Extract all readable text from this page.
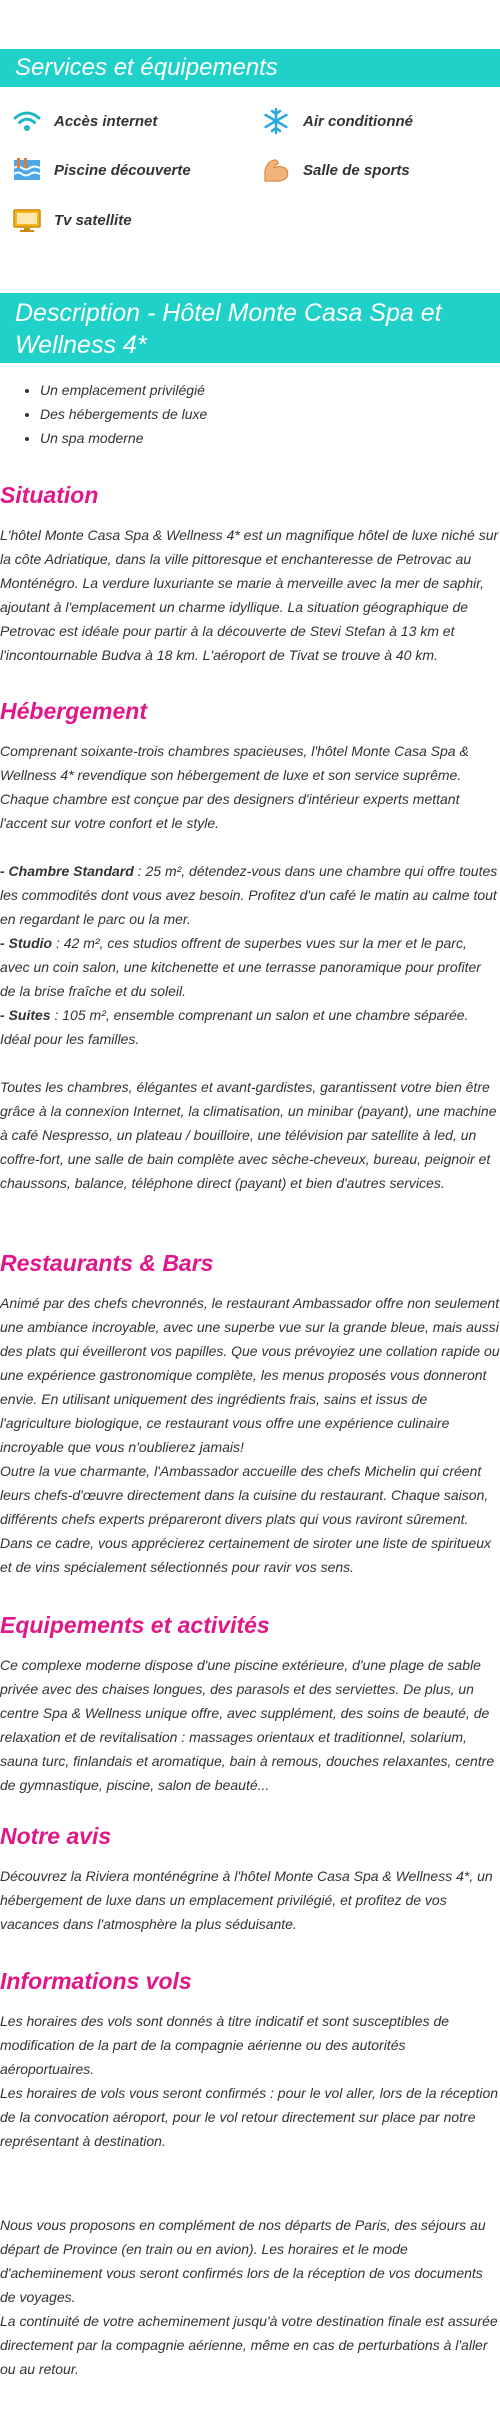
Services et équipements
Accès internet	Air conditionné
Piscine découverte	Salle de sports
Tv satellite
Description - Hôtel Monte Casa Spa et Wellness 4*
• Un emplacement privilégié
• Des hébergements de luxe
• Un spa moderne
Situation

L'hôtel Monte Casa Spa & Wellness 4* est un magnifique hôtel de luxe niché sur la côte Adriatique, dans la ville pittoresque et enchanteresse de Petrovac au Monténégro. La verdure luxuriante se marie à merveille avec la mer de saphir, ajoutant à l'emplacement un charme idyllique. La situation géographique de Petrovac est idéale pour partir à la découverte de Stevi Stefan à 13 km et l'incontournable Budva à 18 km. L'aéroport de Tivat se trouve à 40 km.

Hébergement

Comprenant soixante-trois chambres spacieuses, l'hôtel Monte Casa Spa & Wellness 4* revendique son hébergement de luxe et son service suprême. Chaque chambre est conçue par des designers d'intérieur experts mettant l'accent sur votre confort et le style.

- Chambre Standard : 25 m², détendez-vous dans une chambre qui offre toutes les commodités dont vous avez besoin. Profitez d'un café le matin au calme tout en regardant le parc ou la mer.
- Studio : 42 m², ces studios offrent de superbes vues sur la mer et le parc, avec un coin salon, une kitchenette et une terrasse panoramique pour profiter de la brise fraîche et du soleil.
- Suites : 105 m², ensemble comprenant un salon et une chambre séparée. Idéal pour les familles.

Toutes les chambres, élégantes et avant-gardistes, garantissent votre bien être grâce à la connexion Internet, la climatisation, un minibar (payant), une machine à café Nespresso, un plateau / bouilloire, une télévision par satellite à led, un coffre-fort, une salle de bain complète avec sèche-cheveux, bureau, peignoir et chaussons, balance, téléphone direct (payant) et bien d'autres services.

Restaurants & Bars

Animé par des chefs chevronnés, le restaurant Ambassador offre non seulement une ambiance incroyable, avec une superbe vue sur la grande bleue, mais aussi des plats qui éveilleront vos papilles. Que vous prévoyiez une collation rapide ou une expérience gastronomique complète, les menus proposés vous donneront envie. En utilisant uniquement des ingrédients frais, sains et issus de l'agriculture biologique, ce restaurant vous offre une expérience culinaire incroyable que vous n'oublierez jamais!

Outre la vue charmante, l'Ambassador accueille des chefs Michelin qui créent leurs chefs-d'œuvre directement dans la cuisine du restaurant. Chaque saison, différents chefs experts prépareront divers plats qui vous raviront sûrement. Dans ce cadre, vous apprécierez certainement de siroter une liste de spiritueux et de vins spécialement sélectionnés pour ravir vos sens.

Equipements et activités

Ce complexe moderne dispose d'une piscine extérieure, d'une plage de sable privée avec des chaises longues, des parasols et des serviettes. De plus, un centre Spa & Wellness unique offre, avec supplément, des soins de beauté, de relaxation et de revitalisation : massages orientaux et traditionnel, solarium, sauna turc, finlandais et aromatique, bain à remous, douches relaxantes, centre de gymnastique, piscine, salon de beauté...

Notre avis

Découvrez la Riviera monténégrine à l'hôtel Monte Casa Spa & Wellness 4*, un hébergement de luxe dans un emplacement privilégié, et profitez de vos vacances dans l'atmosphère la plus séduisante.

Informations vols

Les horaires des vols sont donnés à titre indicatif et sont susceptibles de modification de la part de la compagnie aérienne ou des autorités aéroportuaires.

Les horaires de vols vous seront confirmés : pour le vol aller, lors de la réception de la convocation aéroport, pour le vol retour directement sur place par notre représentant à destination.

Nous vous proposons en complément de nos départs de Paris, des séjours au départ de Province (en train ou en avion). Les horaires et le mode d'acheminement vous seront confirmés lors de la réception de vos documents de voyages.

La continuité de votre acheminement jusqu'à votre destination finale est assurée directement par la compagnie aérienne, même en cas de perturbations à l'aller ou au retour.
